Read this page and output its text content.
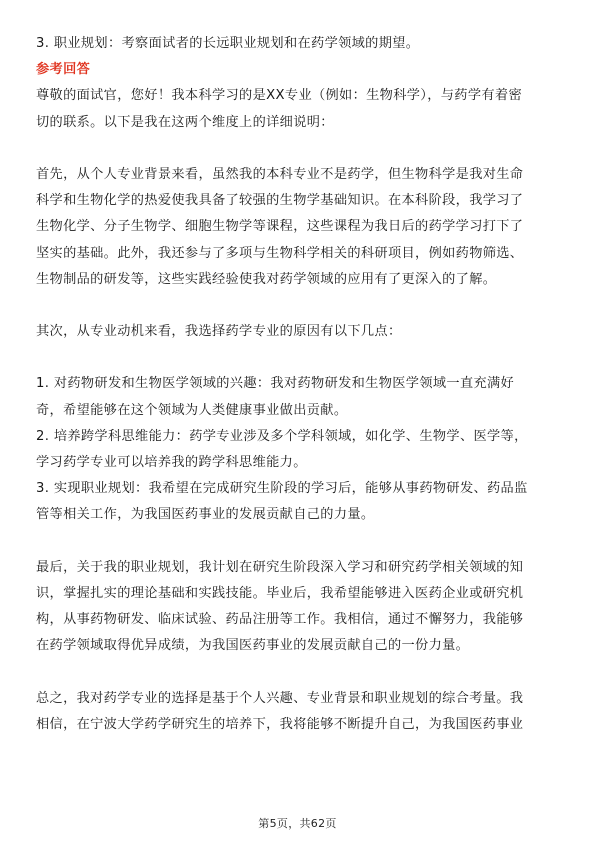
3. 职业规划：考察面试者的长远职业规划和在药学领域的期望。
参考回答
尊敬的面试官，您好！我本科学习的是XX专业（例如：生物科学），与药学有着密
切的联系。以下是我在这两个维度上的详细说明：
首先，从个人专业背景来看，虽然我的本科专业不是药学，但生物科学是我对生命
科学和生物化学的热爱使我具备了较强的生物学基础知识。在本科阶段，我学习了
生物化学、分子生物学、细胞生物学等课程，这些课程为我日后的药学学习打下了
坚实的基础。此外，我还参与了多项与生物科学相关的科研项目，例如药物筛选、
生物制品的研发等，这些实践经验使我对药学领域的应用有了更深入的了解。
其次，从专业动机来看，我选择药学专业的原因有以下几点：
1. 对药物研发和生物医学领域的兴趣：我对药物研发和生物医学领域一直充满好
奇，希望能够在这个领域为人类健康事业做出贡献。
2. 培养跨学科思维能力：药学专业涉及多个学科领域，如化学、生物学、医学等，
学习药学专业可以培养我的跨学科思维能力。
3. 实现职业规划：我希望在完成研究生阶段的学习后，能够从事药物研发、药品监
管等相关工作，为我国医药事业的发展贡献自己的力量。
最后，关于我的职业规划，我计划在研究生阶段深入学习和研究药学相关领域的知
识，掌握扎实的理论基础和实践技能。毕业后，我希望能够进入医药企业或研究机
构，从事药物研发、临床试验、药品注册等工作。我相信，通过不懈努力，我能够
在药学领域取得优异成绩，为我国医药事业的发展贡献自己的一份力量。
总之，我对药学专业的选择是基于个人兴趣、专业背景和职业规划的综合考量。我
相信，在宁波大学药学研究生的培养下，我将能够不断提升自己，为我国医药事业
第5页，共62页
